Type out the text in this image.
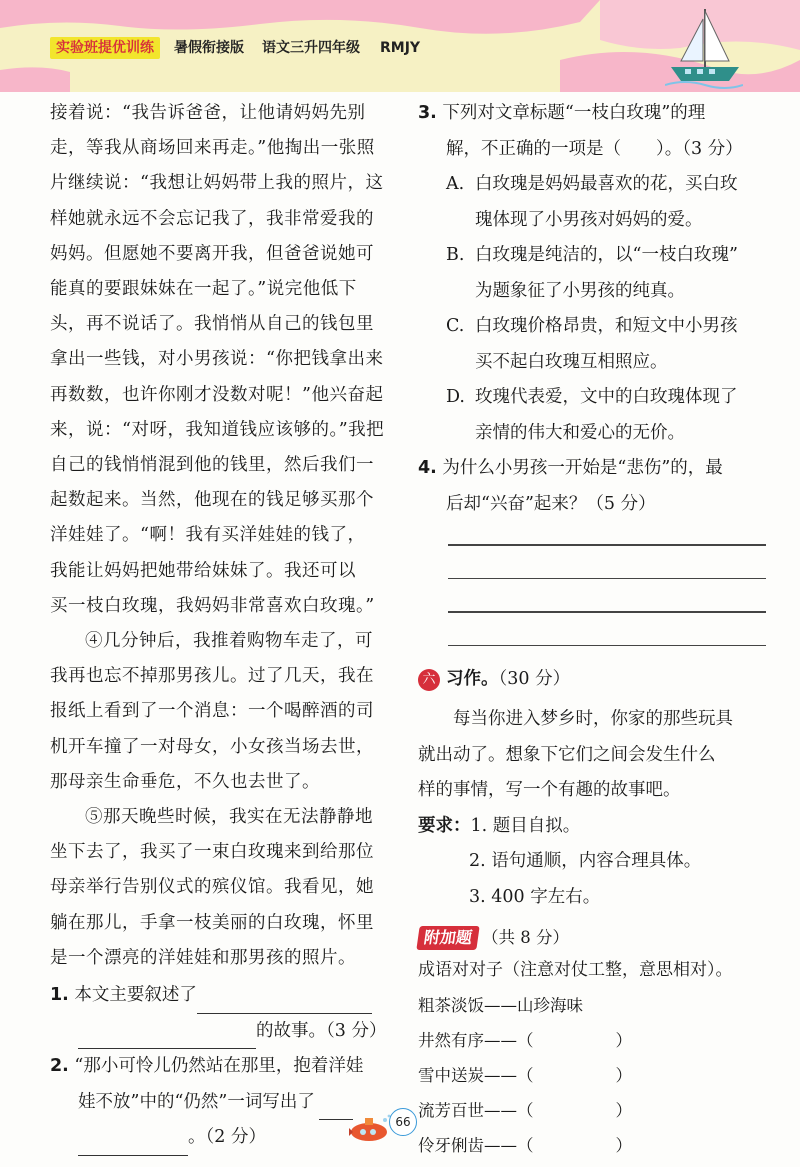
实验班提优训练	暑假衔接版 语文三升四年级 RMJY

接着说：“我告诉爸爸，让他请妈妈先别

走，等我从商场回来再走。”他掏出一张照

片继续说：“我想让妈妈带上我的照片，这

样她就永远不会忘记我了，我非常爱我的

妈妈。但愿她不要离开我，但爸爸说她可

能真的要跟妹妹在一起了。”说完他低下

头，再不说话了。我悄悄从自己的钱包里

拿出一些钱，对小男孩说：“你把钱拿出来

再数数，也许你刚才没数对呢！”他兴奋起

来，说：“对呀，我知道钱应该够的。”我把

自己的钱悄悄混到他的钱里，然后我们一

起数起来。当然，他现在的钱足够买那个

洋娃娃了。“啊！我有买洋娃娃的钱了，

我能让妈妈把她带给妹妹了。我还可以

买一枝白玫瑰，我妈妈非常喜欢白玫瑰。”

④几分钟后，我推着购物车走了，可

我再也忘不掉那男孩儿。过了几天，我在

报纸上看到了一个消息：一个喝醉酒的司

机开车撞了一对母女，小女孩当场去世，

那母亲生命垂危，不久也去世了。

⑤那天晚些时候，我实在无法静静地

坐下去了，我买了一束白玫瑰来到给那位

母亲举行告别仪式的殡仪馆。我看见，她

躺在那儿，手拿一枝美丽的白玫瑰，怀里

是一个漂亮的洋娃娃和那男孩的照片。

1. 本文主要叙述了

的故事。（3 分）

2. “那小可怜儿仍然站在那里，抱着洋娃

娃不放”中的“仍然”一词写出了

。（2 分）

3. 下列对文章标题“一枝白玫瑰”的理

解，不正确的一项是（　　）。（3 分）

A. 白玫瑰是妈妈最喜欢的花，买白玫

瑰体现了小男孩对妈妈的爱。

B. 白玫瑰是纯洁的，以“一枝白玫瑰”

为题象征了小男孩的纯真。

C. 白玫瑰价格昂贵，和短文中小男孩

买不起白玫瑰互相照应。

D. 玫瑰代表爱，文中的白玫瑰体现了

亲情的伟大和爱心的无价。

4. 为什么小男孩一开始是“悲伤”的，最

后却“兴奋”起来？（5 分）

六 习作。（30 分）

每当你进入梦乡时，你家的那些玩具

就出动了。想象下它们之间会发生什么

样的事情，写一个有趣的故事吧。

要求：1. 题目自拟。

2. 语句通顺，内容合理具体。

3. 400 字左右。

附加题 （共 8 分）

成语对对子（注意对仗工整，意思相对）。

粗茶淡饭——山珍海味

井然有序——（	）

雪中送炭——（	）

流芳百世——（	）

伶牙俐齿——（	）

66
